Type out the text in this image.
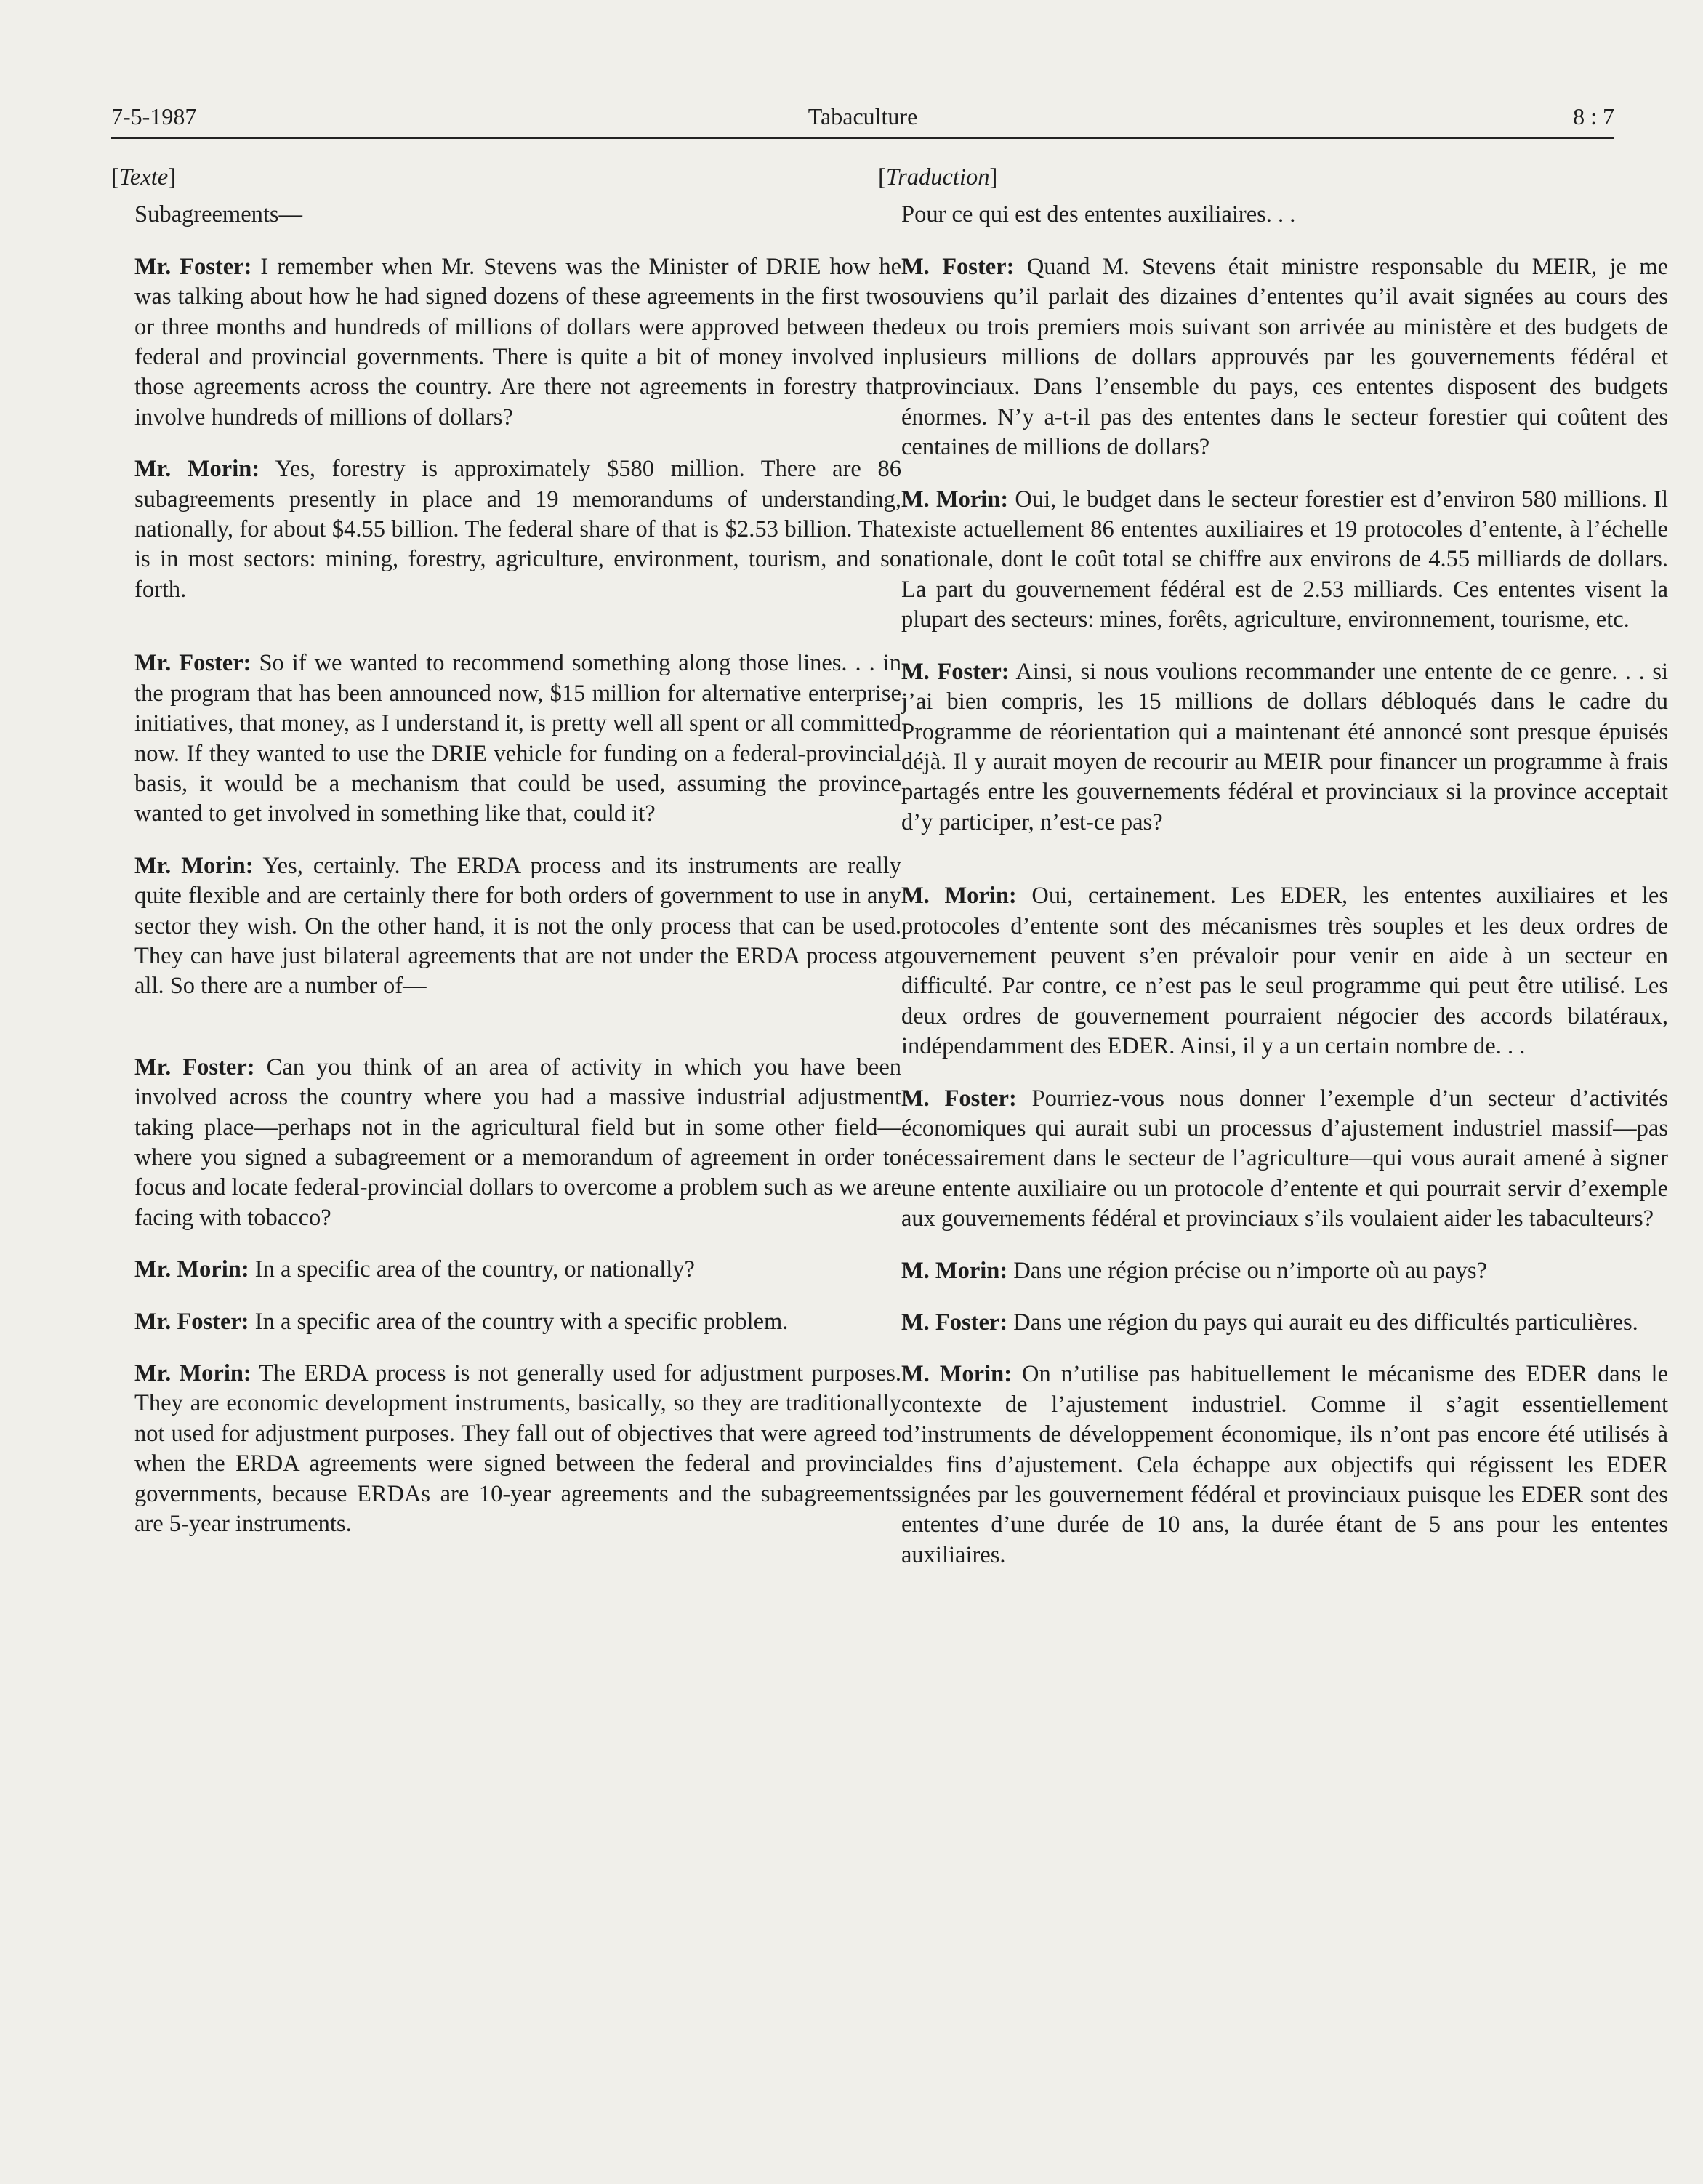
7-5-1987	Tabaculture	8 : 7
[Texte]
Subagreements—
Mr. Foster: I remember when Mr. Stevens was the Minister of DRIE how he was talking about how he had signed dozens of these agreements in the first two or three months and hundreds of millions of dollars were approved between the federal and provincial governments. There is quite a bit of money involved in those agreements across the country. Are there not agreements in forestry that involve hundreds of millions of dollars?
Mr. Morin: Yes, forestry is approximately $580 million. There are 86 subagreements presently in place and 19 memorandums of understanding, nationally, for about $4.55 billion. The federal share of that is $2.53 billion. That is in most sectors: mining, forestry, agriculture, environment, tourism, and so forth.
Mr. Foster: So if we wanted to recommend something along those lines. . . in the program that has been announced now, $15 million for alternative enterprise initiatives, that money, as I understand it, is pretty well all spent or all committed now. If they wanted to use the DRIE vehicle for funding on a federal-provincial basis, it would be a mechanism that could be used, assuming the province wanted to get involved in something like that, could it?
Mr. Morin: Yes, certainly. The ERDA process and its instruments are really quite flexible and are certainly there for both orders of government to use in any sector they wish. On the other hand, it is not the only process that can be used. They can have just bilateral agreements that are not under the ERDA process at all. So there are a number of—
Mr. Foster: Can you think of an area of activity in which you have been involved across the country where you had a massive industrial adjustment taking place—perhaps not in the agricultural field but in some other field—where you signed a subagreement or a memorandum of agreement in order to focus and locate federal-provincial dollars to overcome a problem such as we are facing with tobacco?
Mr. Morin: In a specific area of the country, or nationally?
Mr. Foster: In a specific area of the country with a specific problem.
Mr. Morin: The ERDA process is not generally used for adjustment purposes. They are economic development instruments, basically, so they are traditionally not used for adjustment purposes. They fall out of objectives that were agreed to when the ERDA agreements were signed between the federal and provincial governments, because ERDAs are 10-year agreements and the subagreements are 5-year instruments.
[Traduction]
Pour ce qui est des ententes auxiliaires. . .
M. Foster: Quand M. Stevens était ministre responsable du MEIR, je me souviens qu’il parlait des dizaines d’ententes qu’il avait signées au cours des deux ou trois premiers mois suivant son arrivée au ministère et des budgets de plusieurs millions de dollars approuvés par les gouvernements fédéral et provinciaux. Dans l’ensemble du pays, ces ententes disposent des budgets énormes. N’y a-t-il pas des ententes dans le secteur forestier qui coûtent des centaines de millions de dollars?
M. Morin: Oui, le budget dans le secteur forestier est d’environ 580 millions. Il existe actuellement 86 ententes auxiliaires et 19 protocoles d’entente, à l’échelle nationale, dont le coût total se chiffre aux environs de 4.55 milliards de dollars. La part du gouvernement fédéral est de 2.53 milliards. Ces ententes visent la plupart des secteurs: mines, forêts, agriculture, environnement, tourisme, etc.
M. Foster: Ainsi, si nous voulions recommander une entente de ce genre. . . si j’ai bien compris, les 15 millions de dollars débloqués dans le cadre du Programme de réorientation qui a maintenant été annoncé sont presque épuisés déjà. Il y aurait moyen de recourir au MEIR pour financer un programme à frais partagés entre les gouvernements fédéral et provinciaux si la province acceptait d’y participer, n’est-ce pas?
M. Morin: Oui, certainement. Les EDER, les ententes auxiliaires et les protocoles d’entente sont des mécanismes très souples et les deux ordres de gouvernement peuvent s’en prévaloir pour venir en aide à un secteur en difficulté. Par contre, ce n’est pas le seul programme qui peut être utilisé. Les deux ordres de gouvernement pourraient négocier des accords bilatéraux, indépendamment des EDER. Ainsi, il y a un certain nombre de. . .
M. Foster: Pourriez-vous nous donner l’exemple d’un secteur d’activités économiques qui aurait subi un processus d’ajustement industriel massif—pas nécessairement dans le secteur de l’agriculture—qui vous aurait amené à signer une entente auxiliaire ou un protocole d’entente et qui pourrait servir d’exemple aux gouvernements fédéral et provinciaux s’ils voulaient aider les tabaculteurs?
M. Morin: Dans une région précise ou n’importe où au pays?
M. Foster: Dans une région du pays qui aurait eu des difficultés particulières.
M. Morin: On n’utilise pas habituellement le mécanisme des EDER dans le contexte de l’ajustement industriel. Comme il s’agit essentiellement d’instruments de développement économique, ils n’ont pas encore été utilisés à des fins d’ajustement. Cela échappe aux objectifs qui régissent les EDER signées par les gouvernement fédéral et provinciaux puisque les EDER sont des ententes d’une durée de 10 ans, la durée étant de 5 ans pour les ententes auxiliaires.
